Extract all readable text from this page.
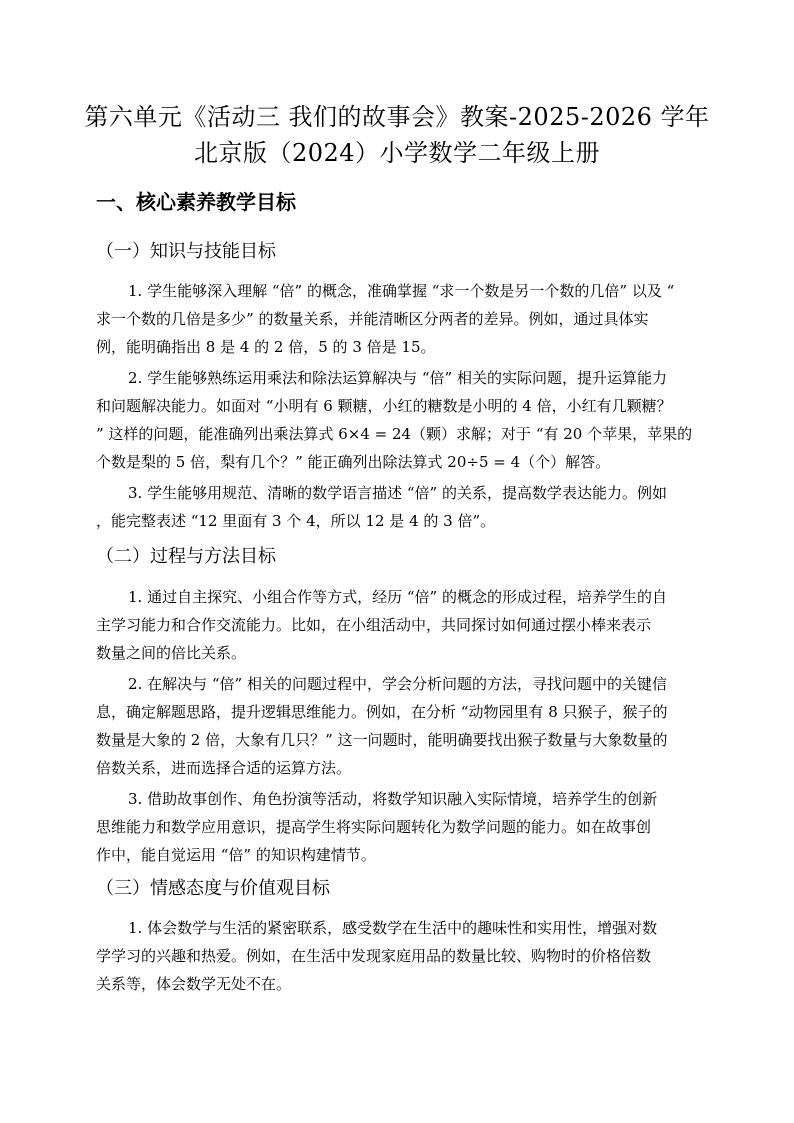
第六单元《活动三 我们的故事会》教案-2025-2026 学年
北京版（2024）小学数学二年级上册
一、核心素养教学目标
（一）知识与技能目标
1. 学生能够深入理解 “倍” 的概念，准确掌握 “求一个数是另一个数的几倍” 以及 “
求一个数的几倍是多少” 的数量关系，并能清晰区分两者的差异。例如，通过具体实
例，能明确指出 8 是 4 的 2 倍，5 的 3 倍是 15。
2. 学生能够熟练运用乘法和除法运算解决与 “倍” 相关的实际问题，提升运算能力
和问题解决能力。如面对 “小明有 6 颗糖，小红的糖数是小明的 4 倍，小红有几颗糖？
” 这样的问题，能准确列出乘法算式 6×4 = 24（颗）求解；对于 “有 20 个苹果，苹果的
个数是梨的 5 倍，梨有几个？” 能正确列出除法算式 20÷5 = 4（个）解答。
3. 学生能够用规范、清晰的数学语言描述 “倍” 的关系，提高数学表达能力。例如
，能完整表述 “12 里面有 3 个 4，所以 12 是 4 的 3 倍”。
（二）过程与方法目标
1. 通过自主探究、小组合作等方式，经历 “倍” 的概念的形成过程，培养学生的自
主学习能力和合作交流能力。比如，在小组活动中，共同探讨如何通过摆小棒来表示
数量之间的倍比关系。
2. 在解决与 “倍” 相关的问题过程中，学会分析问题的方法，寻找问题中的关键信
息，确定解题思路，提升逻辑思维能力。例如，在分析 “动物园里有 8 只猴子，猴子的
数量是大象的 2 倍，大象有几只？” 这一问题时，能明确要找出猴子数量与大象数量的
倍数关系，进而选择合适的运算方法。
3. 借助故事创作、角色扮演等活动，将数学知识融入实际情境，培养学生的创新
思维能力和数学应用意识，提高学生将实际问题转化为数学问题的能力。如在故事创
作中，能自觉运用 “倍” 的知识构建情节。
（三）情感态度与价值观目标
1. 体会数学与生活的紧密联系，感受数学在生活中的趣味性和实用性，增强对数
学学习的兴趣和热爱。例如，在生活中发现家庭用品的数量比较、购物时的价格倍数
关系等，体会数学无处不在。
